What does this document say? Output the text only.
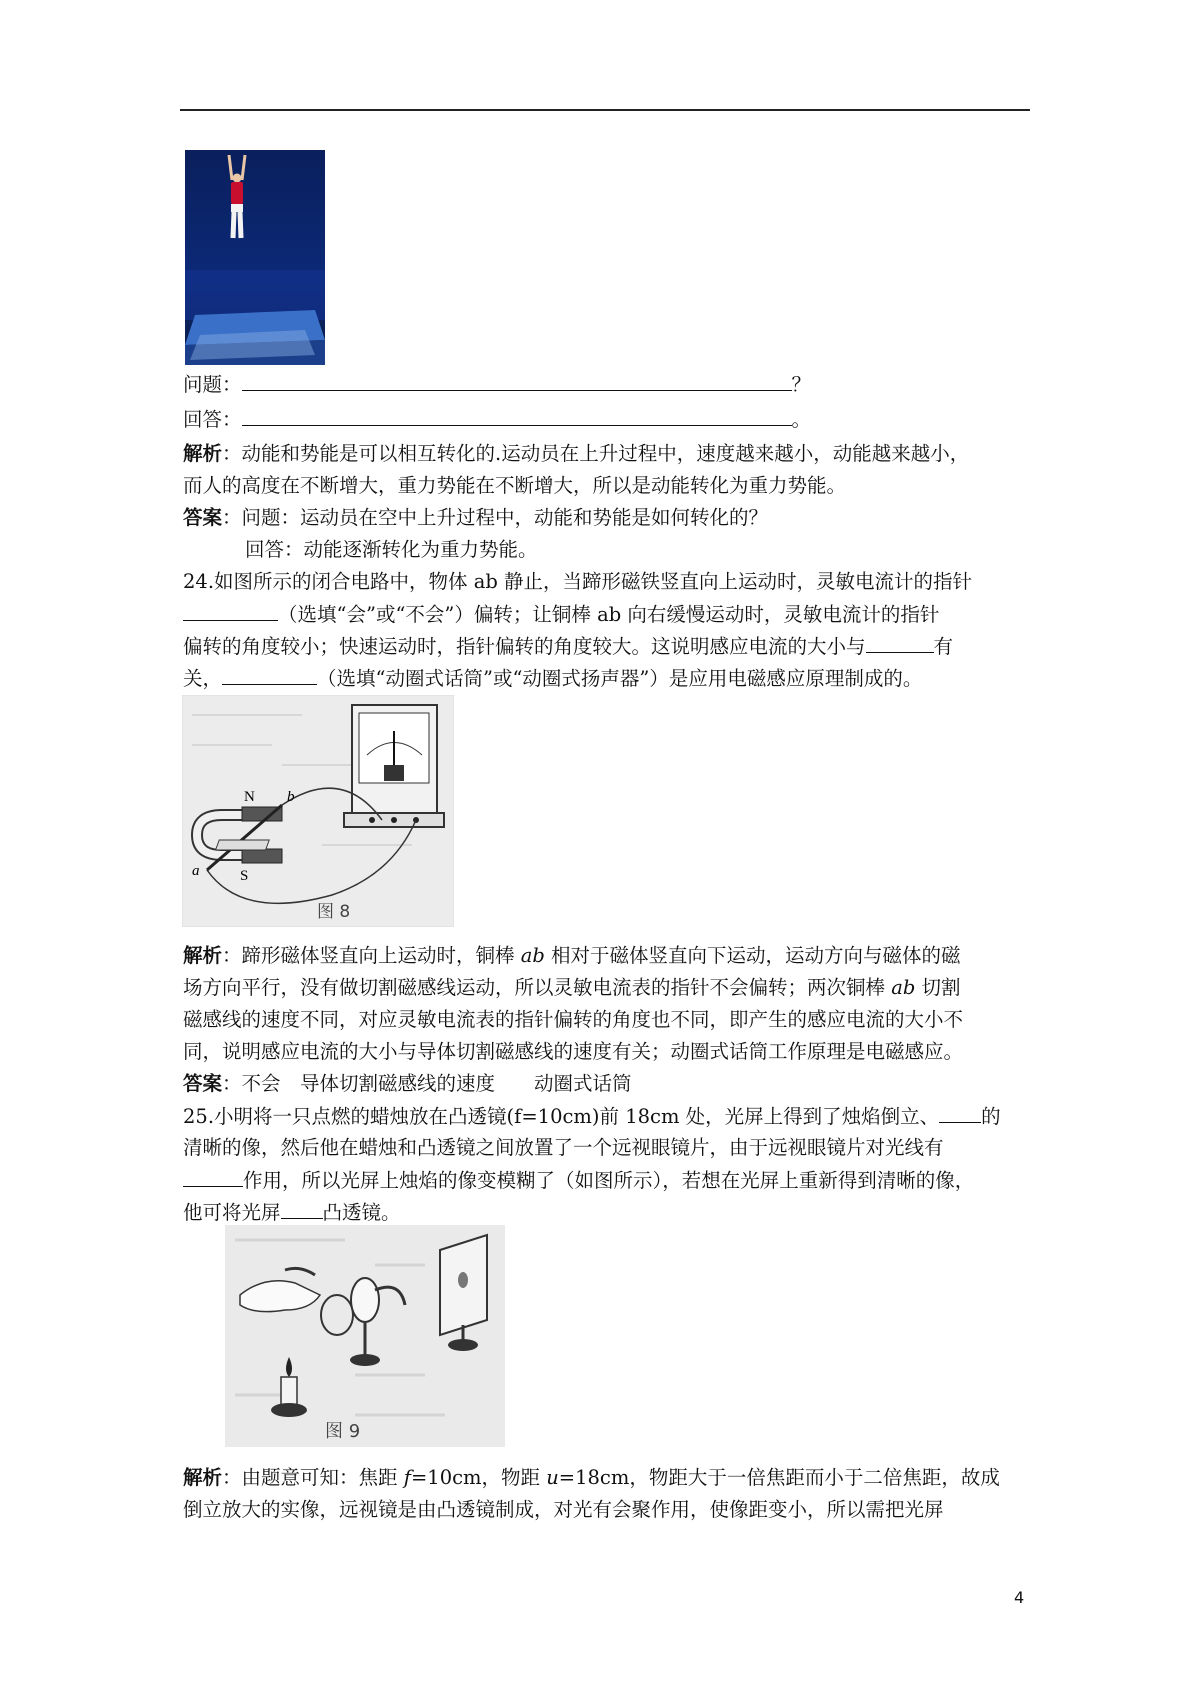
问题：	？
回答：	。
解析：动能和势能是可以相互转化的.运动员在上升过程中，速度越来越小，动能越来越小，
而人的高度在不断增大，重力势能在不断增大，所以是动能转化为重力势能。
答案：问题：运动员在空中上升过程中，动能和势能是如何转化的？
回答：动能逐渐转化为重力势能。
24.如图所示的闭合电路中，物体 ab 静止，当蹄形磁铁竖直向上运动时，灵敏电流计的指针
（选填“会”或“不会”）偏转；让铜棒 ab 向右缓慢运动时，灵敏电流计的指针
偏转的角度较小；快速运动时，指针偏转的角度较大。这说明感应电流的大小与	有
关，	（选填“动圈式话筒”或“动圈式扬声器”）是应用电磁感应原理制成的。
N b
a	S
图 8
解析：蹄形磁体竖直向上运动时，铜棒 ab 相对于磁体竖直向下运动，运动方向与磁体的磁
场方向平行，没有做切割磁感线运动，所以灵敏电流表的指针不会偏转；两次铜棒 ab 切割
磁感线的速度不同，对应灵敏电流表的指针偏转的角度也不同，即产生的感应电流的大小不
同，说明感应电流的大小与导体切割磁感线的速度有关；动圈式话筒工作原理是电磁感应。
答案：不会　导体切割磁感线的速度　　动圈式话筒
25.小明将一只点燃的蜡烛放在凸透镜(f=10cm)前 18cm 处，光屏上得到了烛焰倒立、 的
清晰的像，然后他在蜡烛和凸透镜之间放置了一个远视眼镜片，由于远视眼镜片对光线有
作用，所以光屏上烛焰的像变模糊了（如图所示），若想在光屏上重新得到清晰的像，
他可将光屏 凸透镜。
图 9
解析：由题意可知：焦距 f=10cm，物距 u=18cm，物距大于一倍焦距而小于二倍焦距，故成
倒立放大的实像，远视镜是由凸透镜制成，对光有会聚作用，使像距变小，所以需把光屏
4
